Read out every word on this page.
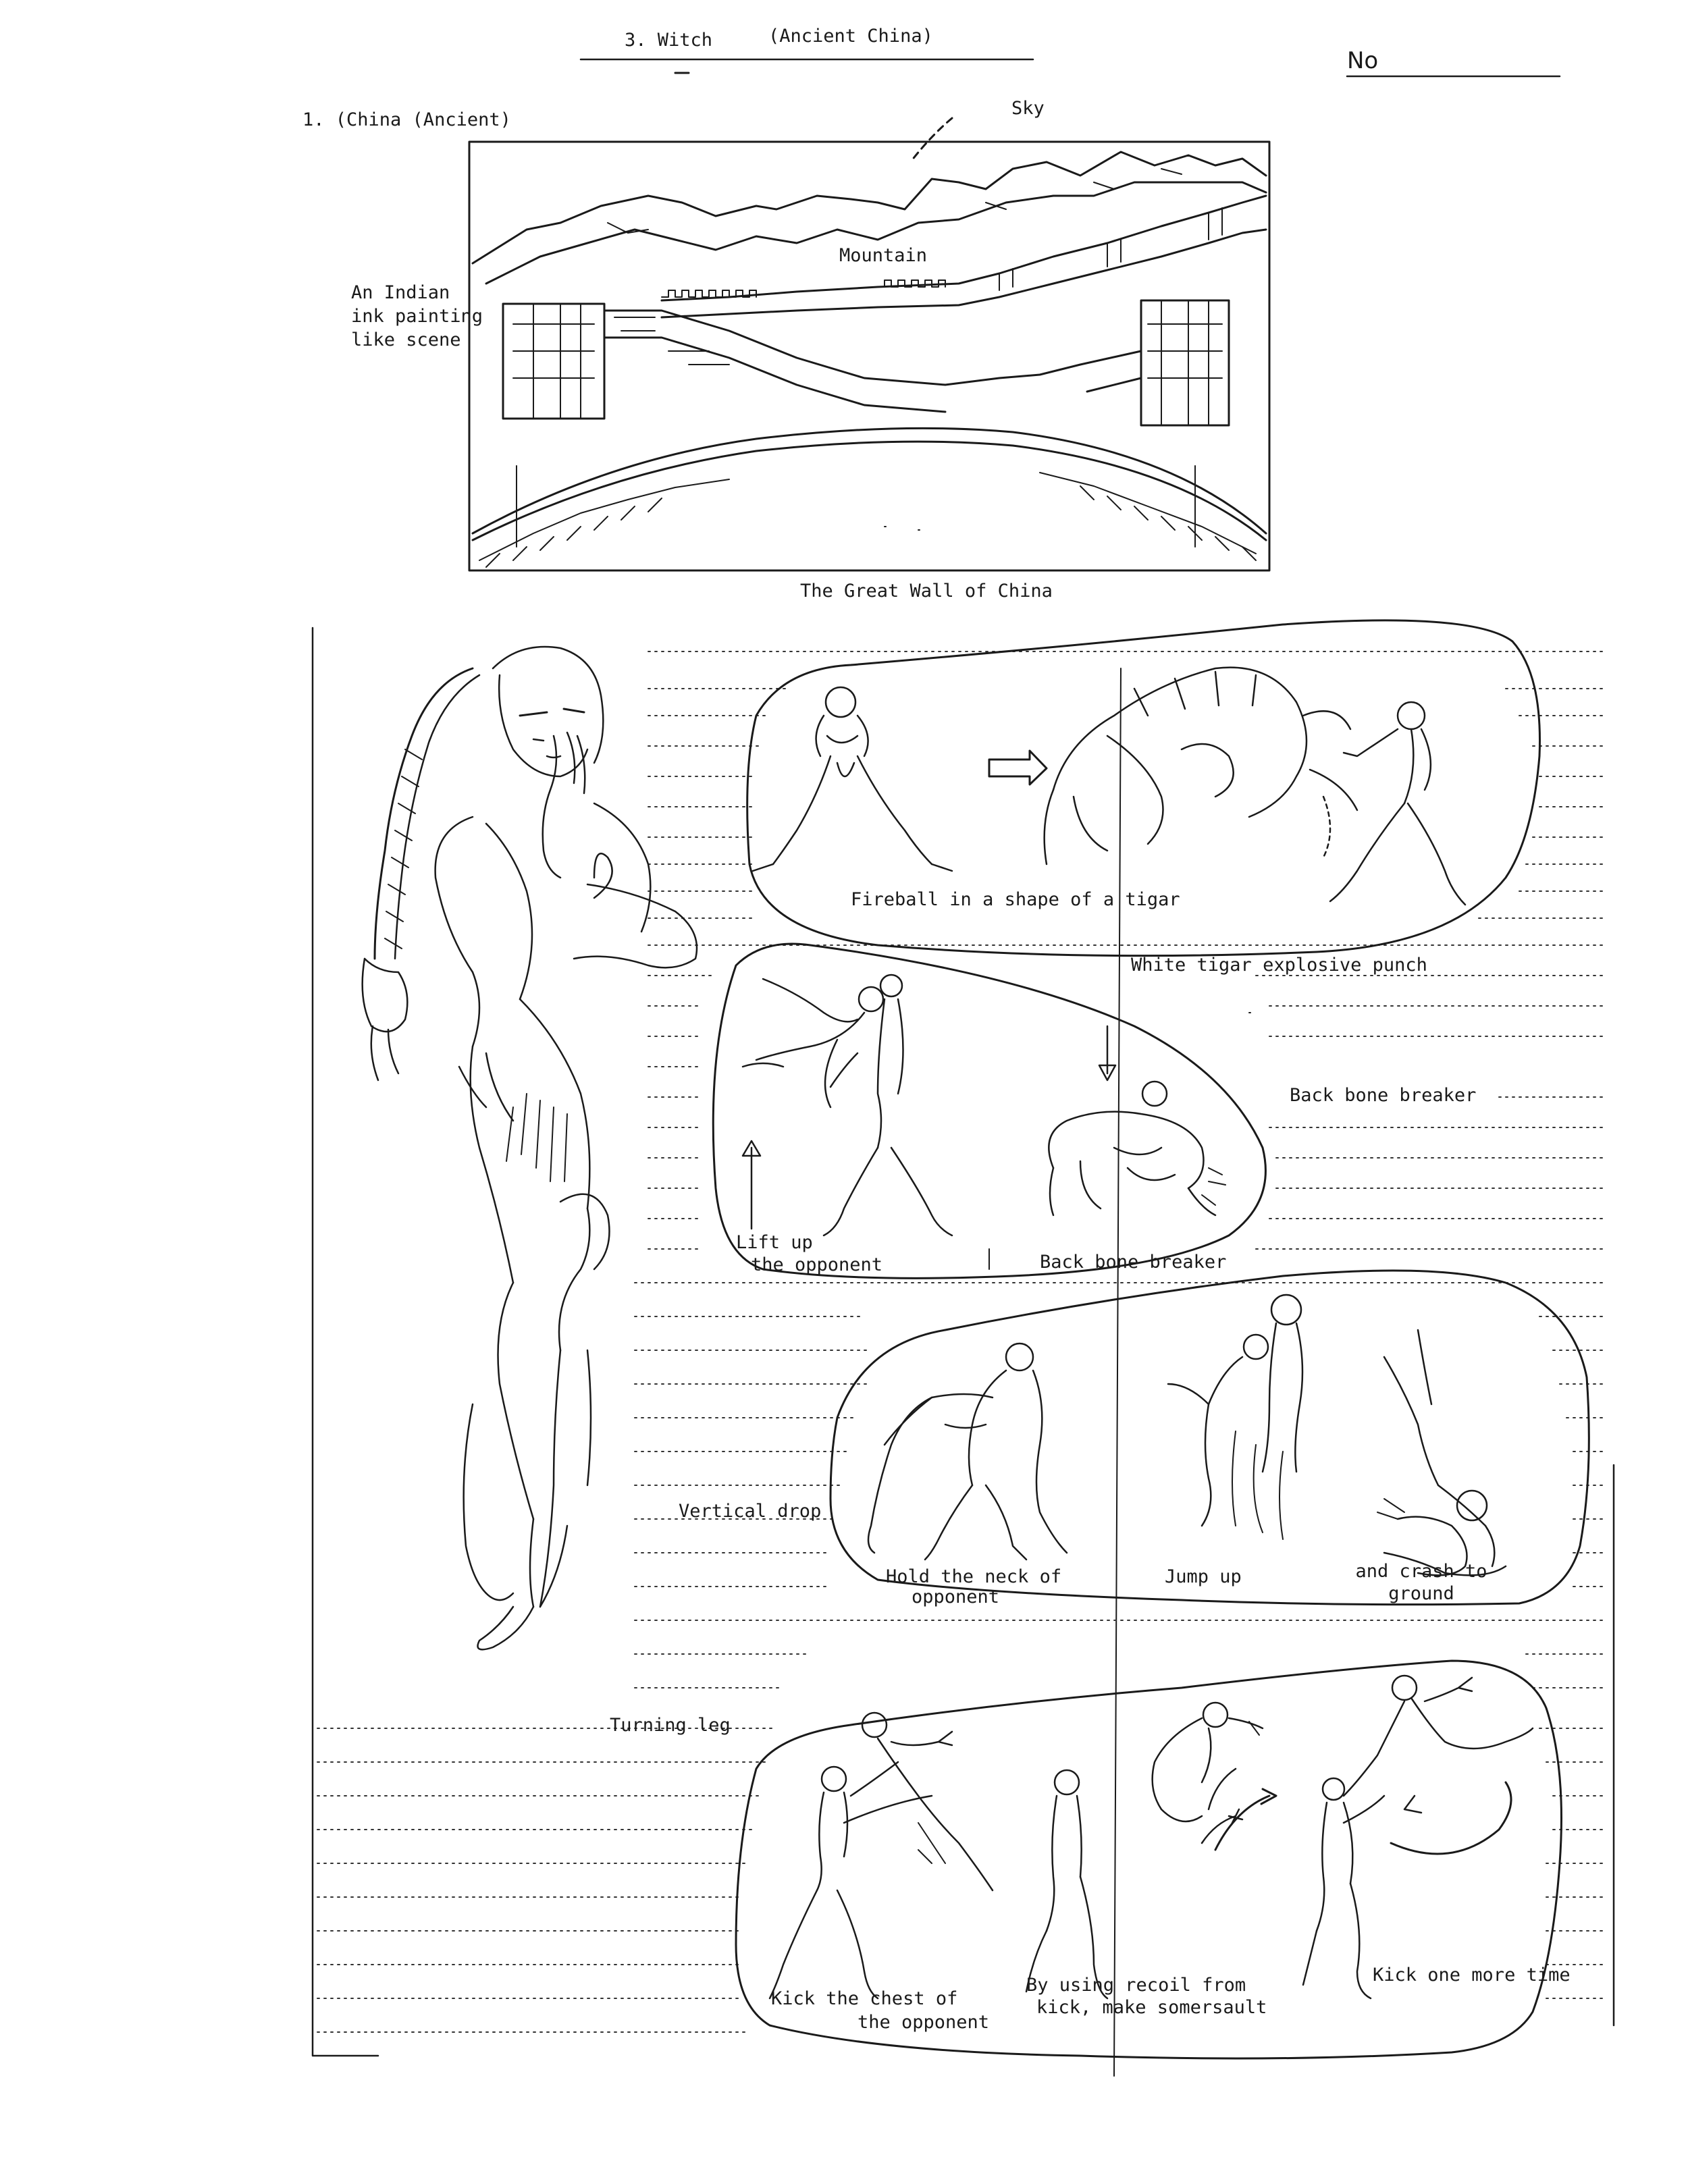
3. Witch	(Ancient China)
No
1. (China (Ancient)
Sky
Mountain
An Indian
ink painting
like scene
The Great Wall of China
Fireball in a shape of a tigar
White tigar explosive punch
Back bone breaker
Lift up
the opponent	Back bone breaker
Vertical drop
Hold the neck of
opponent
Jump up	and crash to
ground
Turning leg
Kick the chest of
the opponent
By using recoil from
kick, make somersault
Kick one more time
